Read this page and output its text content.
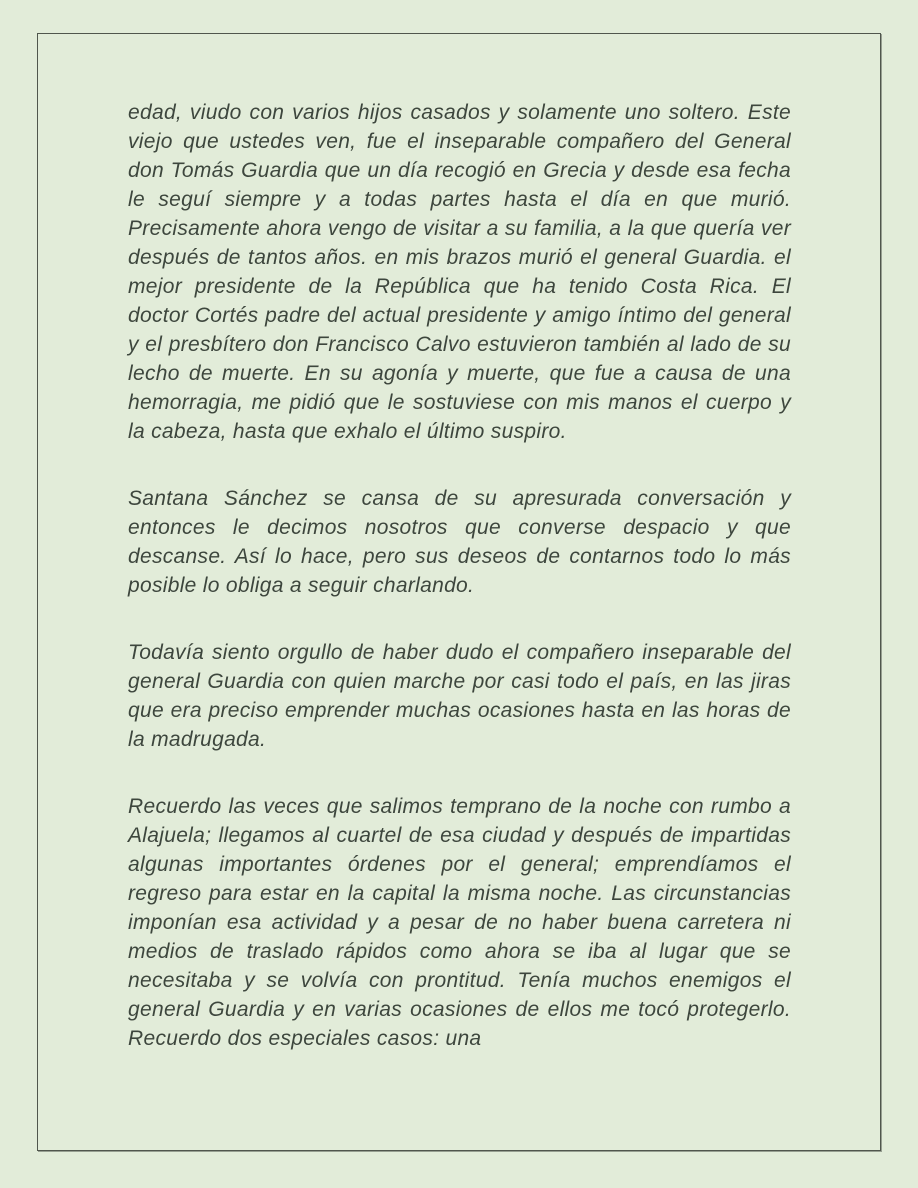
edad, viudo con varios hijos casados y solamente uno soltero. Este viejo que ustedes ven, fue el inseparable compañero del General don Tomás Guardia que un día recogió en Grecia y desde esa fecha le seguí siempre y a todas partes hasta el día en que murió. Precisamente ahora vengo de visitar a su familia, a la que quería ver después de tantos años. en mis brazos murió el general Guardia. el mejor presidente de la República que ha tenido Costa Rica. El doctor Cortés padre del actual presidente y amigo íntimo del general y el presbítero don Francisco Calvo estuvieron también al lado de su lecho de muerte. En su agonía y muerte, que fue a causa de una hemorragia, me pidió que le sostuviese con mis manos el cuerpo y la cabeza, hasta que exhalo el último suspiro.

Santana Sánchez se cansa de su apresurada conversación y entonces le decimos nosotros que converse despacio y que descanse. Así lo hace, pero sus deseos de contarnos todo lo más posible lo obliga a seguir charlando.

Todavía siento orgullo de haber dudo el compañero inseparable del general Guardia con quien marche por casi todo el país, en las jiras que era preciso emprender muchas ocasiones hasta en las horas de la madrugada.

Recuerdo las veces que salimos temprano de la noche con rumbo a Alajuela; llegamos al cuartel de esa ciudad y después de impartidas algunas importantes órdenes por el general; emprendíamos el regreso para estar en la capital la misma noche. Las circunstancias imponían esa actividad y a pesar de no haber buena carretera ni medios de traslado rápidos como ahora se iba al lugar que se necesitaba y se volvía con prontitud. Tenía muchos enemigos el general Guardia y en varias ocasiones de ellos me tocó protegerlo. Recuerdo dos especiales casos: una
